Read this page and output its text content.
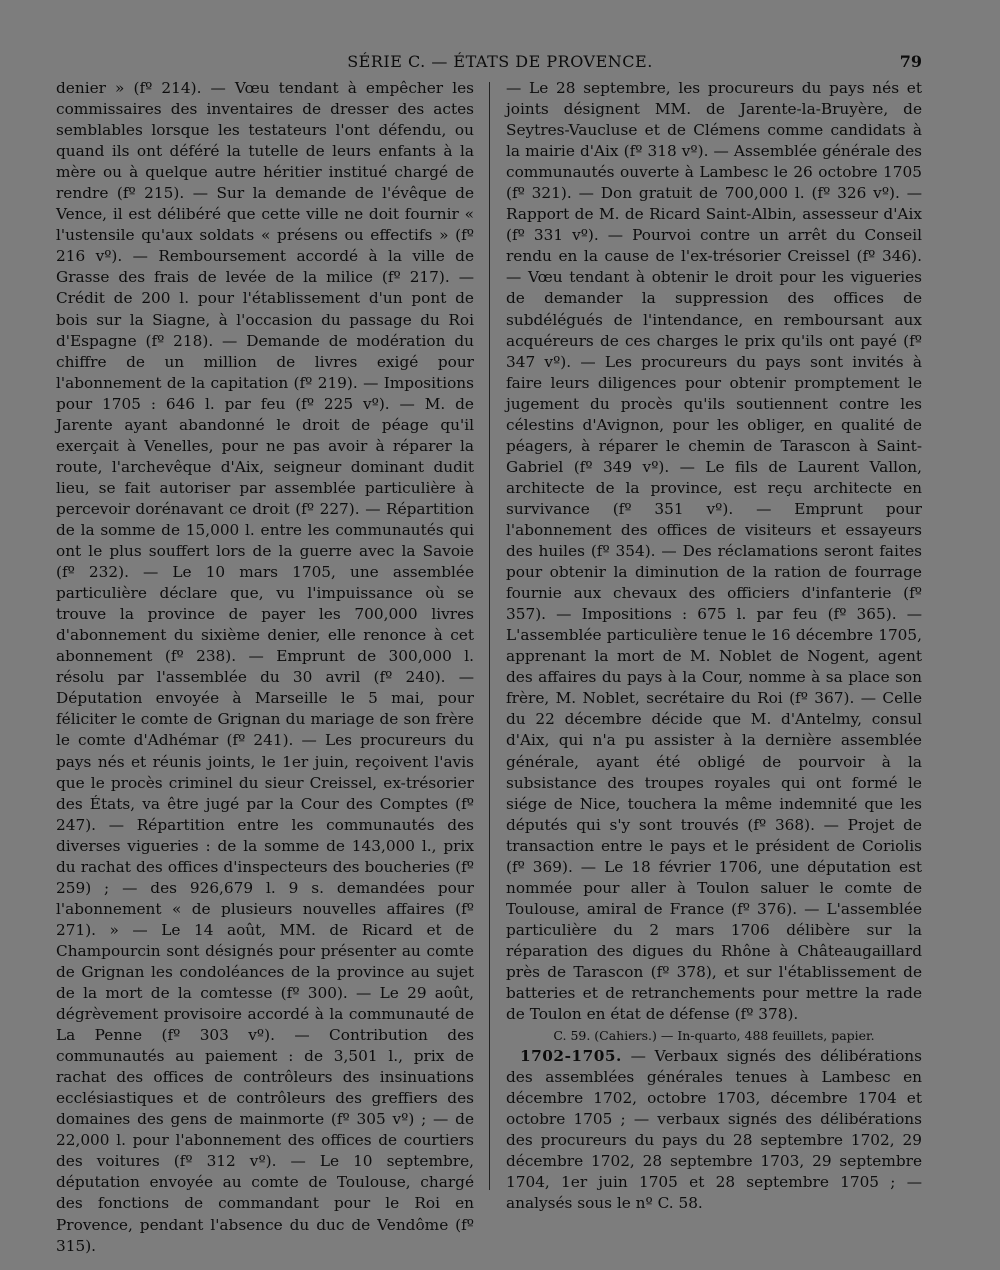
SÉRIE C. — ÉTATS DE PROVENCE.	79

denier » (fº 214). — Vœu tendant à empêcher les commissaires des inventaires de dresser des actes semblables lorsque les testateurs l'ont défendu, ou quand ils ont déféré la tutelle de leurs enfants à la mère ou à quelque autre héritier institué chargé de rendre (fº 215). — Sur la demande de l'évêque de Vence, il est délibéré que cette ville ne doit fournir « l'ustensile qu'aux soldats « présens ou effectifs » (fº 216 vº). — Remboursement accordé à la ville de Grasse des frais de levée de la milice (fº 217). — Crédit de 200 l. pour l'établissement d'un pont de bois sur la Siagne, à l'occasion du passage du Roi d'Espagne (fº 218). — Demande de modération du chiffre de un million de livres exigé pour l'abonnement de la capitation (fº 219). — Impositions pour 1705 : 646 l. par feu (fº 225 vº). — M. de Jarente ayant abandonné le droit de péage qu'il exerçait à Venelles, pour ne pas avoir à réparer la route, l'archevêque d'Aix, seigneur dominant dudit lieu, se fait autoriser par assemblée particulière à percevoir dorénavant ce droit (fº 227). — Répartition de la somme de 15,000 l. entre les communautés qui ont le plus souffert lors de la guerre avec la Savoie (fº 232). — Le 10 mars 1705, une assemblée particulière déclare que, vu l'impuissance où se trouve la province de payer les 700,000 livres d'abonnement du sixième denier, elle renonce à cet abonnement (fº 238). — Emprunt de 300,000 l. résolu par l'assemblée du 30 avril (fº 240). — Députation envoyée à Marseille le 5 mai, pour féliciter le comte de Grignan du mariage de son frère le comte d'Adhémar (fº 241). — Les procureurs du pays nés et réunis joints, le 1er juin, reçoivent l'avis que le procès criminel du sieur Creissel, ex-trésorier des États, va être jugé par la Cour des Comptes (fº 247). — Répartition entre les communautés des diverses vigueries : de la somme de 143,000 l., prix du rachat des offices d'inspecteurs des boucheries (fº 259) ; — des 926,679 l. 9 s. demandées pour l'abonnement « de plusieurs nouvelles affaires (fº 271). » — Le 14 août, MM. de Ricard et de Champourcin sont désignés pour présenter au comte de Grignan les condoléances de la province au sujet de la mort de la comtesse (fº 300). — Le 29 août, dégrèvement provisoire accordé à la communauté de La Penne (fº 303 vº). — Contribution des communautés au paiement : de 3,501 l., prix de rachat des offices de contrôleurs des insinuations ecclésiastiques et de contrôleurs des greffiers des domaines des gens de mainmorte (fº 305 vº) ; — de 22,000 l. pour l'abonnement des offices de courtiers des voitures (fº 312 vº). — Le 10 septembre, députation envoyée au comte de Toulouse, chargé des fonctions de commandant pour le Roi en Provence, pendant l'absence du duc de Vendôme (fº 315).

— Le 28 septembre, les procureurs du pays nés et joints désignent MM. de Jarente-la-Bruyère, de Seytres-Vaucluse et de Clémens comme candidats à la mairie d'Aix (fº 318 vº). — Assemblée générale des communautés ouverte à Lambesc le 26 octobre 1705 (fº 321). — Don gratuit de 700,000 l. (fº 326 vº). — Rapport de M. de Ricard Saint-Albin, assesseur d'Aix (fº 331 vº). — Pourvoi contre un arrêt du Conseil rendu en la cause de l'ex-trésorier Creissel (fº 346). — Vœu tendant à obtenir le droit pour les vigueries de demander la suppression des offices de subdélégués de l'intendance, en remboursant aux acquéreurs de ces charges le prix qu'ils ont payé (fº 347 vº). — Les procureurs du pays sont invités à faire leurs diligences pour obtenir promptement le jugement du procès qu'ils soutiennent contre les célestins d'Avignon, pour les obliger, en qualité de péagers, à réparer le chemin de Tarascon à Saint-Gabriel (fº 349 vº). — Le fils de Laurent Vallon, architecte de la province, est reçu architecte en survivance (fº 351 vº). — Emprunt pour l'abonnement des offices de visiteurs et essayeurs des huiles (fº 354). — Des réclamations seront faites pour obtenir la diminution de la ration de fourrage fournie aux chevaux des officiers d'infanterie (fº 357). — Impositions : 675 l. par feu (fº 365). — L'assemblée particulière tenue le 16 décembre 1705, apprenant la mort de M. Noblet de Nogent, agent des affaires du pays à la Cour, nomme à sa place son frère, M. Noblet, secrétaire du Roi (fº 367). — Celle du 22 décembre décide que M. d'Antelmy, consul d'Aix, qui n'a pu assister à la dernière assemblée générale, ayant été obligé de pourvoir à la subsistance des troupes royales qui ont formé le siége de Nice, touchera la même indemnité que les députés qui s'y sont trouvés (fº 368). — Projet de transaction entre le pays et le président de Coriolis (fº 369). — Le 18 février 1706, une députation est nommée pour aller à Toulon saluer le comte de Toulouse, amiral de France (fº 376). — L'assemblée particulière du 2 mars 1706 délibère sur la réparation des digues du Rhône à Châteaugaillard près de Tarascon (fº 378), et sur l'établissement de batteries et de retranchements pour mettre la rade de Toulon en état de défense (fº 378).

C. 59. (Cahiers.) — In-quarto, 488 feuillets, papier.

1702-1705. — Verbaux signés des délibérations des assemblées générales tenues à Lambesc en décembre 1702, octobre 1703, décembre 1704 et octobre 1705 ; — verbaux signés des délibérations des procureurs du pays du 28 septembre 1702, 29 décembre 1702, 28 septembre 1703, 29 septembre 1704, 1er juin 1705 et 28 septembre 1705 ; — analysés sous le nº C. 58.
